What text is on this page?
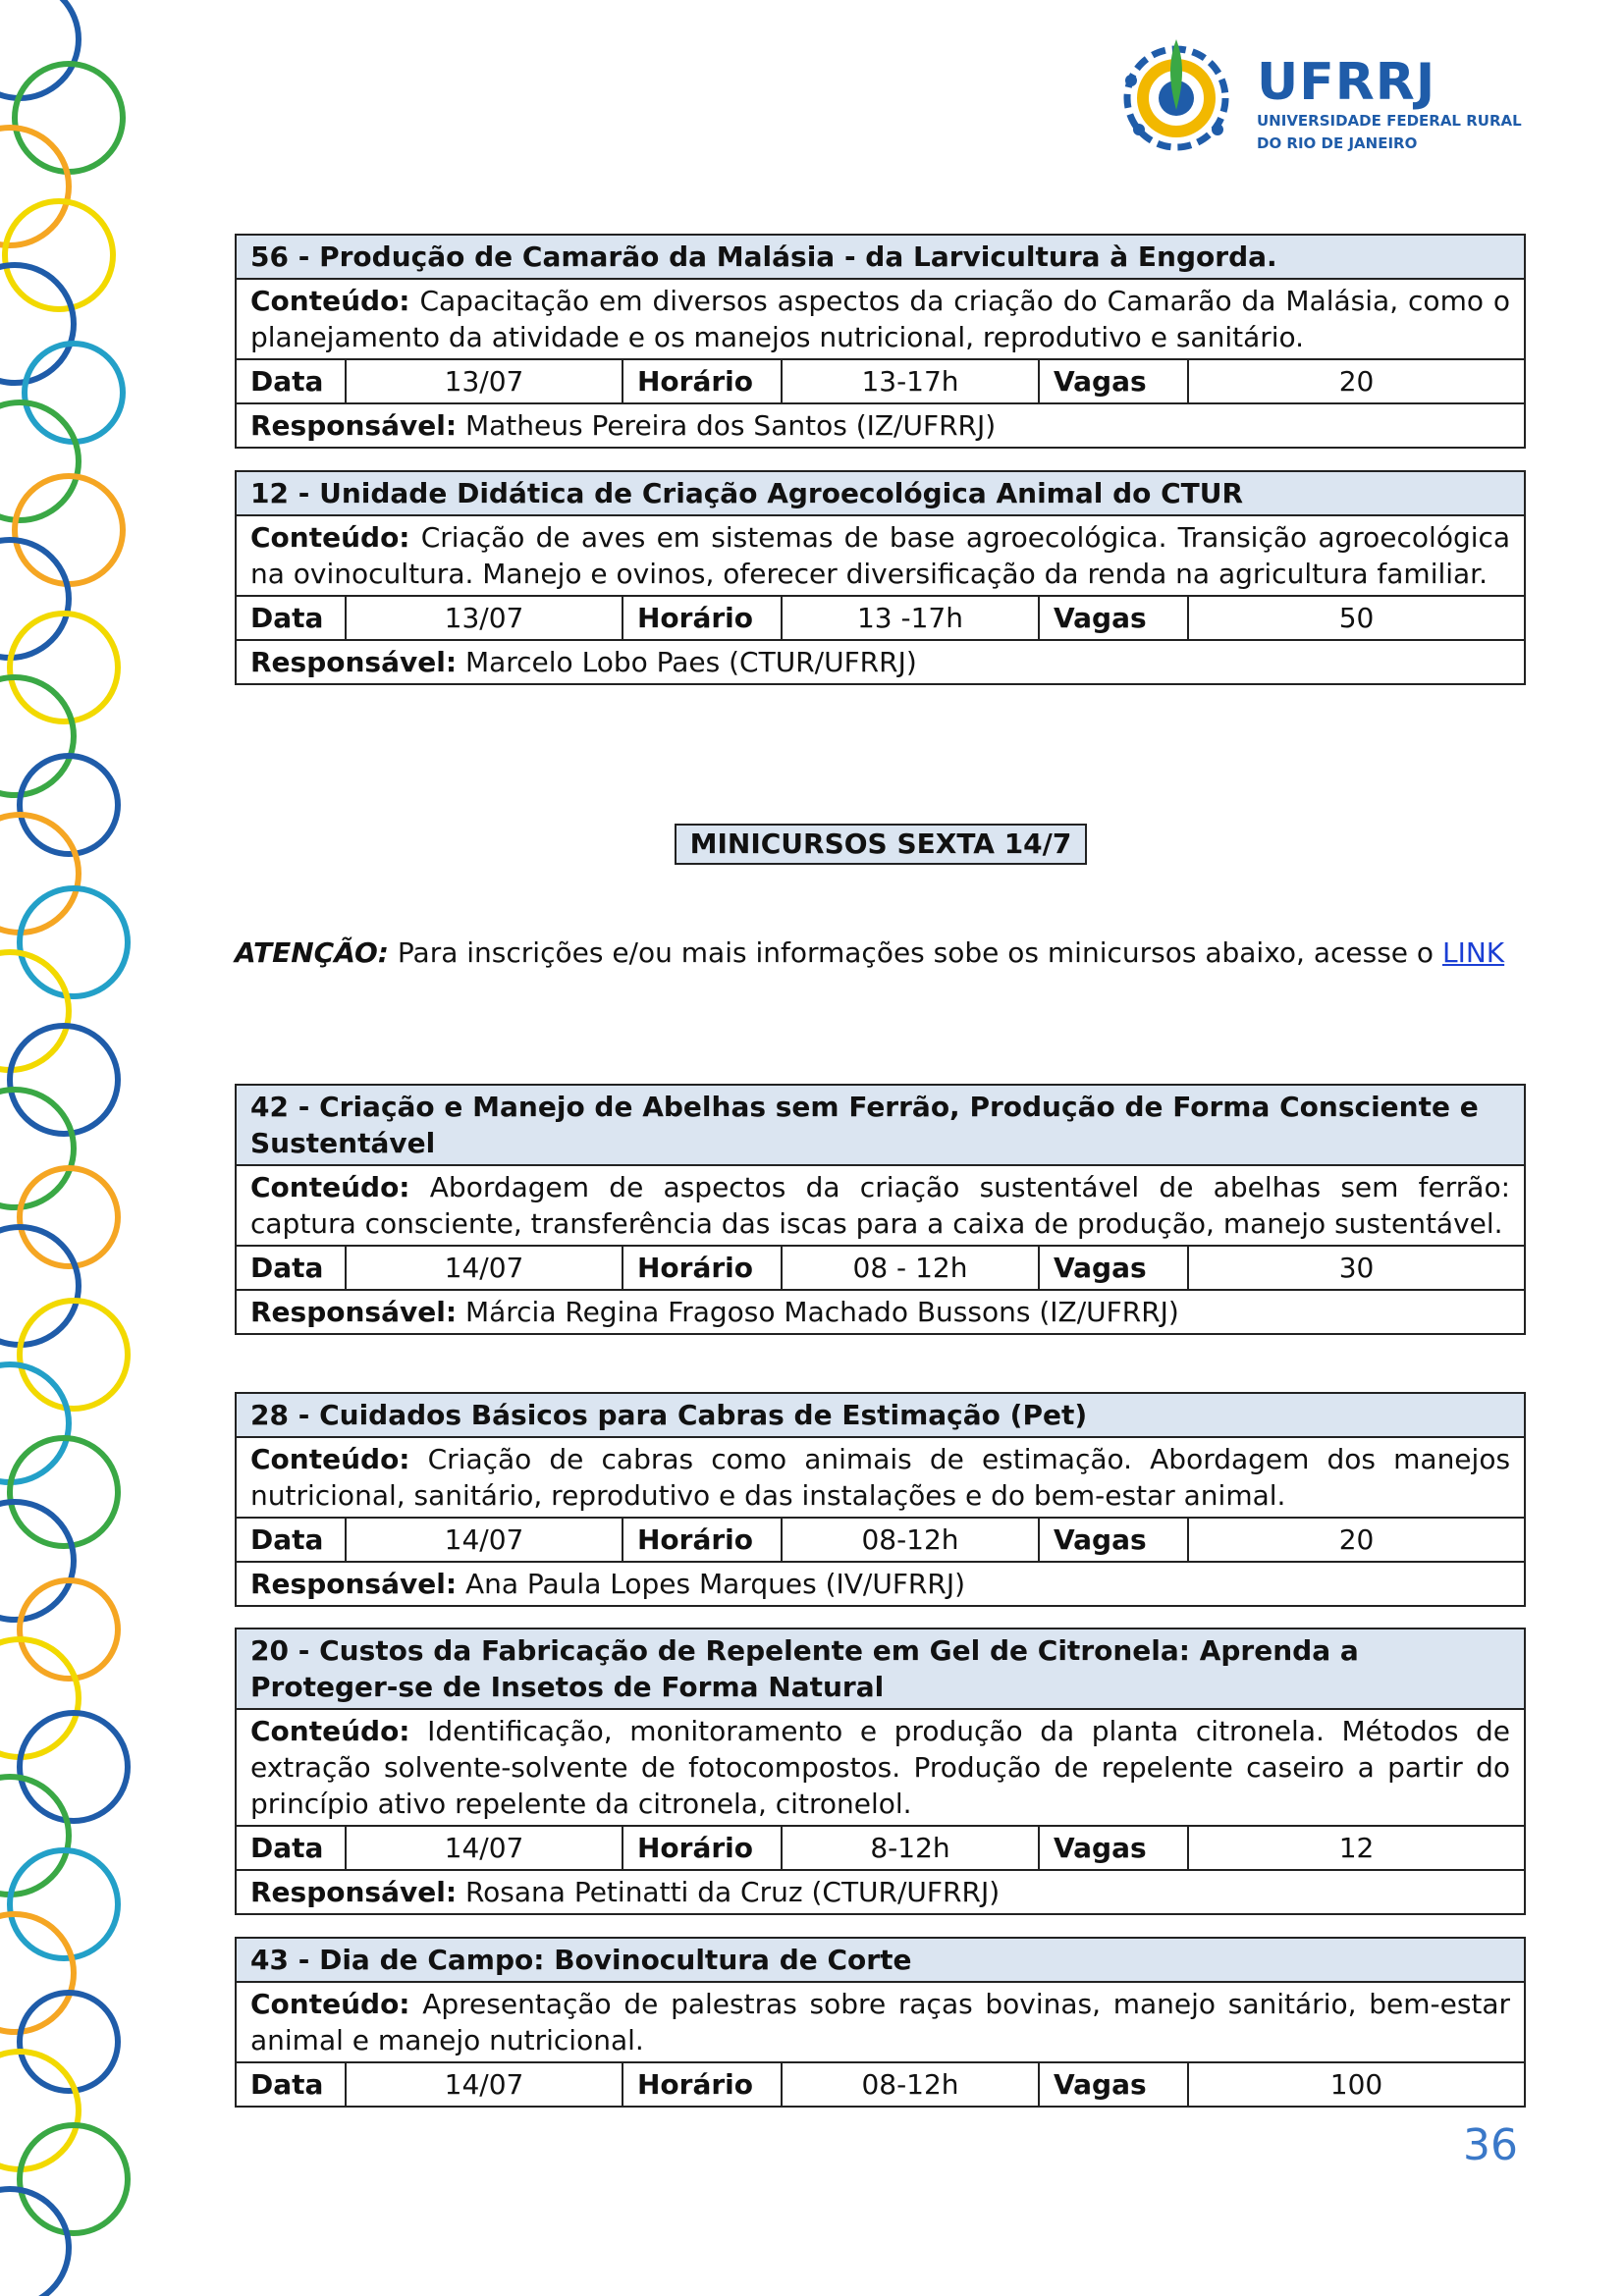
UFRRJ
UNIVERSIDADE FEDERAL RURAL
DO RIO DE JANEIRO
56 - Produção de Camarão da Malásia - da Larvicultura à Engorda.
Conteúdo: Capacitação em diversos aspectos da criação do Camarão da Malásia, como o planejamento da atividade e os manejos nutricional, reprodutivo e sanitário.
Data	13/07	Horário	13-17h	Vagas	20
Responsável: Matheus Pereira dos Santos (IZ/UFRRJ)
12 - Unidade Didática de Criação Agroecológica Animal do CTUR
Conteúdo: Criação de aves em sistemas de base agroecológica. Transição agroecológica na ovinocultura. Manejo e ovinos, oferecer diversificação da renda na agricultura familiar.
Data	13/07	Horário	13 -17h	Vagas	50
Responsável: Marcelo Lobo Paes (CTUR/UFRRJ)
MINICURSOS SEXTA 14/7
ATENÇÃO: Para inscrições e/ou mais informações sobe os minicursos abaixo, acesse o LINK
42 - Criação e Manejo de Abelhas sem Ferrão, Produção de Forma Consciente e Sustentável
Conteúdo: Abordagem de aspectos da criação sustentável de abelhas sem ferrão: captura consciente, transferência das iscas para a caixa de produção, manejo sustentável.
Data	14/07	Horário	08 - 12h	Vagas	30
Responsável: Márcia Regina Fragoso Machado Bussons (IZ/UFRRJ)
28 - Cuidados Básicos para Cabras de Estimação (Pet)
Conteúdo: Criação de cabras como animais de estimação. Abordagem dos manejos nutricional, sanitário, reprodutivo e das instalações e do bem-estar animal.
Data	14/07	Horário	08-12h	Vagas	20
Responsável: Ana Paula Lopes Marques (IV/UFRRJ)
20 - Custos da Fabricação de Repelente em Gel de Citronela: Aprenda a Proteger-se de Insetos de Forma Natural
Conteúdo: Identificação, monitoramento e produção da planta citronela. Métodos de extração solvente-solvente de fotocompostos. Produção de repelente caseiro a partir do princípio ativo repelente da citronela, citronelol.
Data	14/07	Horário	8-12h	Vagas	12
Responsável: Rosana Petinatti da Cruz (CTUR/UFRRJ)
43 - Dia de Campo: Bovinocultura de Corte
Conteúdo: Apresentação de palestras sobre raças bovinas, manejo sanitário, bem-estar animal e manejo nutricional.
Data	14/07	Horário	08-12h	Vagas	100
36
